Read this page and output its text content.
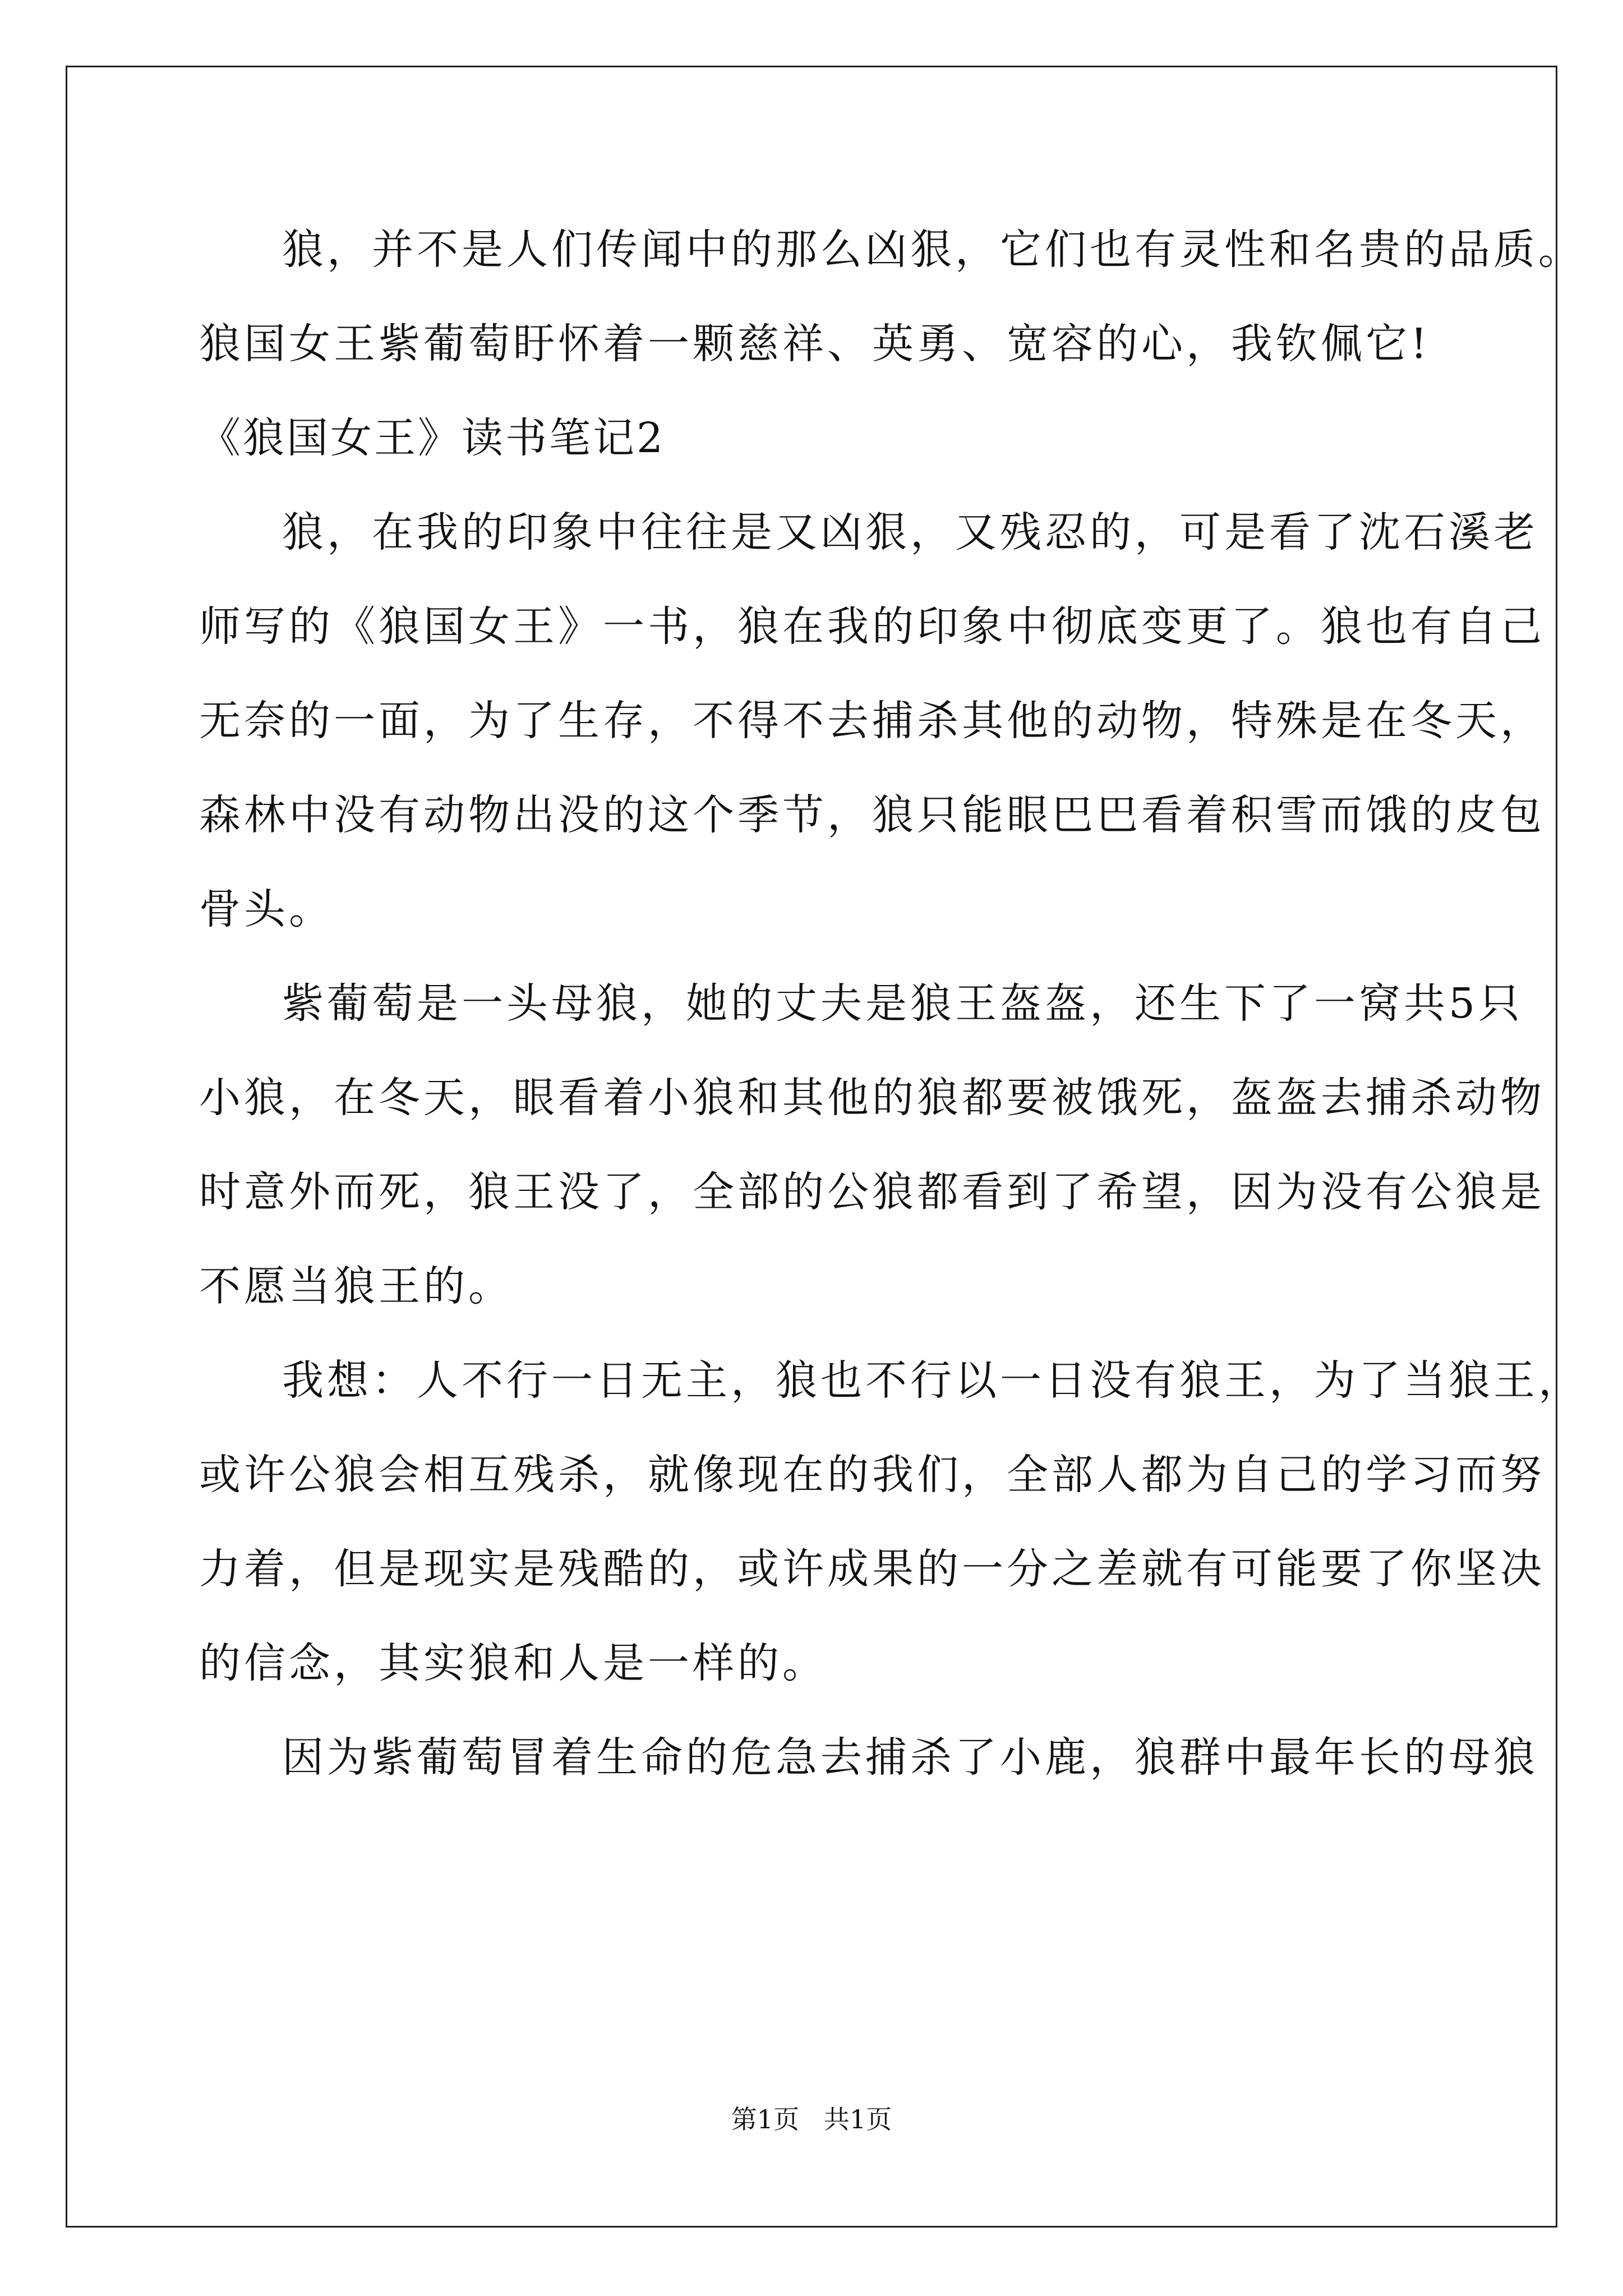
狼，并不是人们传闻中的那么凶狠，它们也有灵性和名贵的品质。
狼国女王紫葡萄盱怀着一颗慈祥、英勇、宽容的心，我钦佩它!
《狼国女王》读书笔记2
狼，在我的印象中往往是又凶狠，又残忍的，可是看了沈石溪老
师写的《狼国女王》一书，狼在我的印象中彻底变更了。狼也有自己
无奈的一面，为了生存，不得不去捕杀其他的动物，特殊是在冬天，
森林中没有动物出没的这个季节，狼只能眼巴巴看着积雪而饿的皮包
骨头。
紫葡萄是一头母狼，她的丈夫是狼王盔盔，还生下了一窝共5只
小狼，在冬天，眼看着小狼和其他的狼都要被饿死，盔盔去捕杀动物
时意外而死，狼王没了，全部的公狼都看到了希望，因为没有公狼是
不愿当狼王的。
我想：人不行一日无主，狼也不行以一日没有狼王，为了当狼王，
或许公狼会相互残杀，就像现在的我们，全部人都为自己的学习而努
力着，但是现实是残酷的，或许成果的一分之差就有可能要了你坚决
的信念，其实狼和人是一样的。
因为紫葡萄冒着生命的危急去捕杀了小鹿，狼群中最年长的母狼
第1页   共1页
